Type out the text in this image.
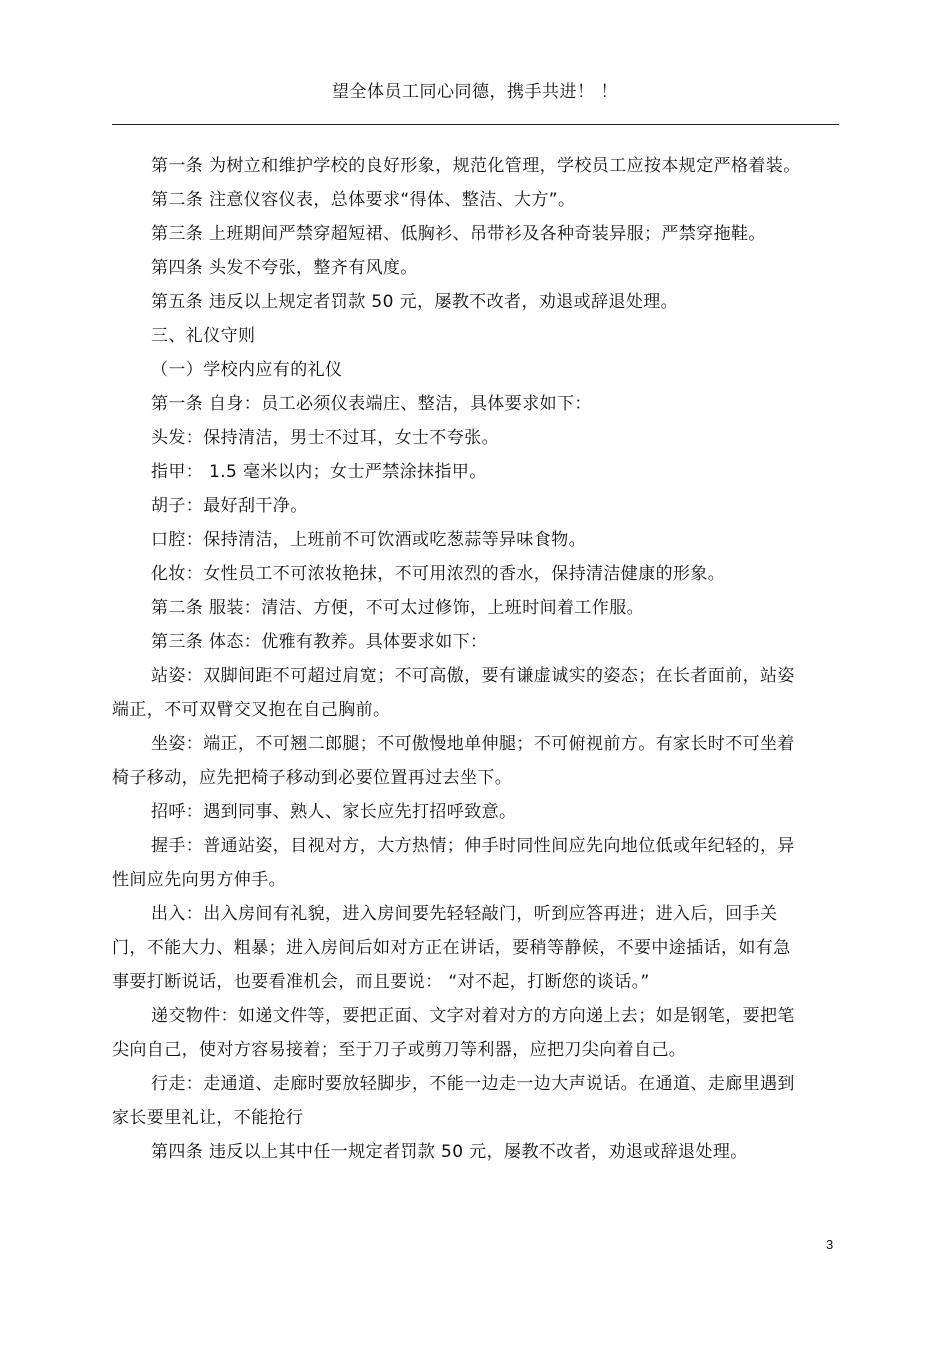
望全体员工同心同德，携手共进！ ！

第一条 为树立和维护学校的良好形象，规范化管理，学校员工应按本规定严格着装。

第二条 注意仪容仪表，总体要求“得体、整洁、大方”。

第三条 上班期间严禁穿超短裙、低胸衫、吊带衫及各种奇装异服；严禁穿拖鞋。

第四条 头发不夸张，整齐有风度。

第五条 违反以上规定者罚款 50 元，屡教不改者，劝退或辞退处理。

三、礼仪守则

（一）学校内应有的礼仪

第一条 自身：员工必须仪表端庄、整洁，具体要求如下：

头发：保持清洁，男士不过耳，女士不夸张。

指甲： 1.5 毫米以内；女士严禁涂抹指甲。

胡子：最好刮干净。

口腔：保持清洁，上班前不可饮酒或吃葱蒜等异味食物。

化妆：女性员工不可浓妆艳抹，不可用浓烈的香水，保持清洁健康的形象。

第二条 服装：清洁、方便，不可太过修饰，上班时间着工作服。

第三条 体态：优雅有教养。具体要求如下：

站姿：双脚间距不可超过肩宽；不可高傲，要有谦虚诚实的姿态；在长者面前，站姿端正，不可双臂交叉抱在自己胸前。

坐姿：端正，不可翘二郎腿；不可傲慢地单伸腿；不可俯视前方。有家长时不可坐着椅子移动，应先把椅子移动到必要位置再过去坐下。

招呼：遇到同事、熟人、家长应先打招呼致意。

握手：普通站姿，目视对方，大方热情；伸手时同性间应先向地位低或年纪轻的，异性间应先向男方伸手。

出入：出入房间有礼貌，进入房间要先轻轻敲门，听到应答再进；进入后，回手关门，不能大力、粗暴；进入房间后如对方正在讲话，要稍等静候，不要中途插话，如有急事要打断说话，也要看准机会，而且要说： “对不起，打断您的谈话。”

递交物件：如递文件等，要把正面、文字对着对方的方向递上去；如是钢笔，要把笔尖向自己，使对方容易接着；至于刀子或剪刀等利器，应把刀尖向着自己。

行走：走通道、走廊时要放轻脚步，不能一边走一边大声说话。在通道、走廊里遇到家长要里礼让，不能抢行

第四条 违反以上其中任一规定者罚款 50 元，屡教不改者，劝退或辞退处理。

3
